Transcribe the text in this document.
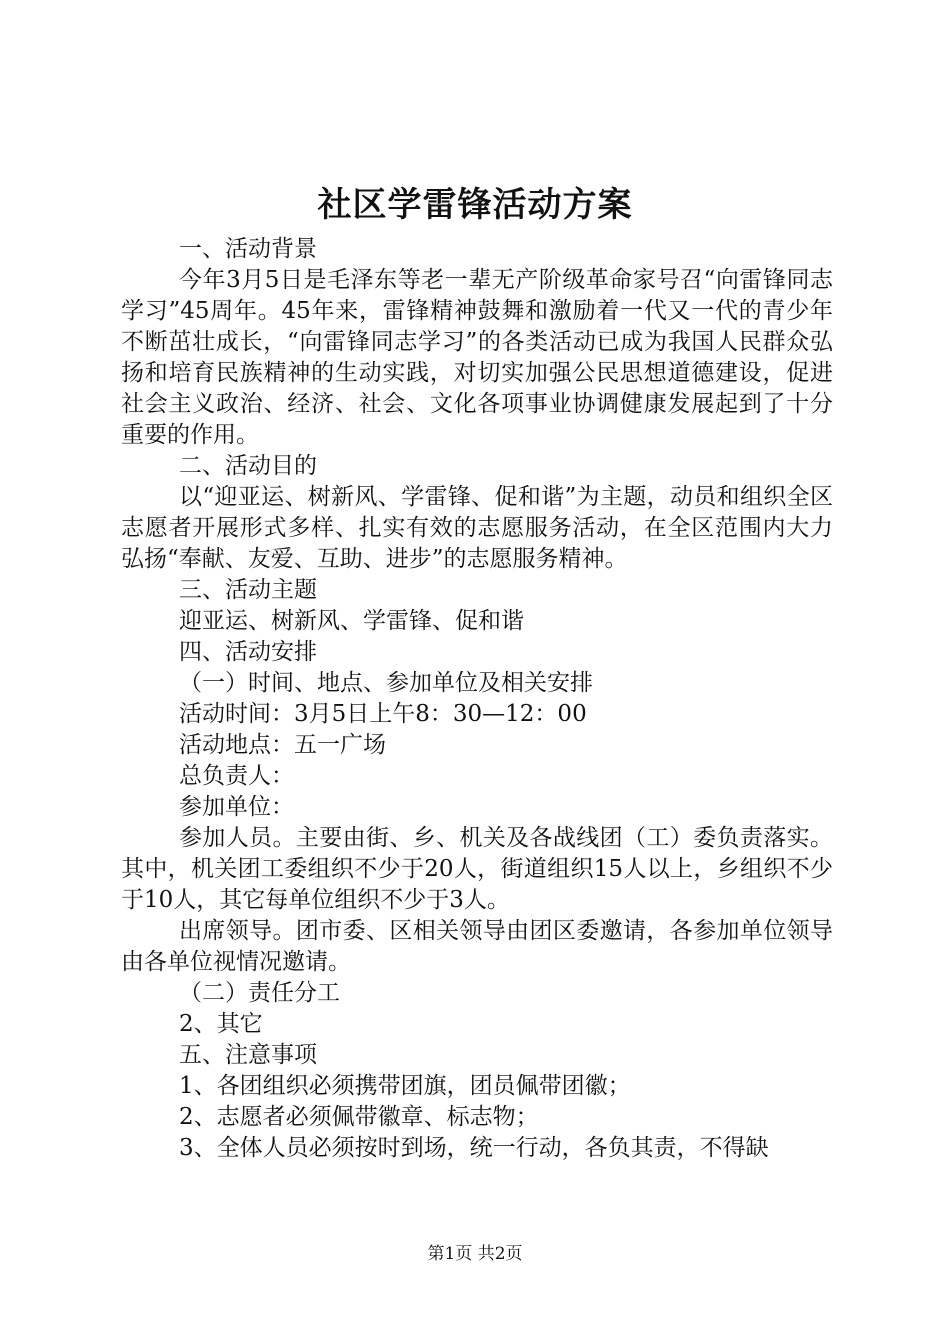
社区学雷锋活动方案

一、活动背景

今年3月5日是毛泽东等老一辈无产阶级革命家号召“向雷锋同志学习”45周年。45年来，雷锋精神鼓舞和激励着一代又一代的青少年不断茁壮成长，“向雷锋同志学习”的各类活动已成为我国人民群众弘扬和培育民族精神的生动实践，对切实加强公民思想道德建设，促进社会主义政治、经济、社会、文化各项事业协调健康发展起到了十分重要的作用。

二、活动目的

以“迎亚运、树新风、学雷锋、促和谐”为主题，动员和组织全区志愿者开展形式多样、扎实有效的志愿服务活动，在全区范围内大力弘扬“奉献、友爱、互助、进步”的志愿服务精神。

三、活动主题

迎亚运、树新风、学雷锋、促和谐

四、活动安排

（一）时间、地点、参加单位及相关安排

活动时间：3月5日上午8：30—12：00

活动地点：五一广场

总负责人：

参加单位：

参加人员。主要由街、乡、机关及各战线团（工）委负责落实。其中，机关团工委组织不少于20人，街道组织15人以上，乡组织不少于10人，其它每单位组织不少于3人。

出席领导。团市委、区相关领导由团区委邀请，各参加单位领导由各单位视情况邀请。

（二）责任分工

2、其它

五、注意事项

1、各团组织必须携带团旗，团员佩带团徽；

2、志愿者必须佩带徽章、标志物；

3、全体人员必须按时到场，统一行动，各负其责，不得缺

第1页 共2页
